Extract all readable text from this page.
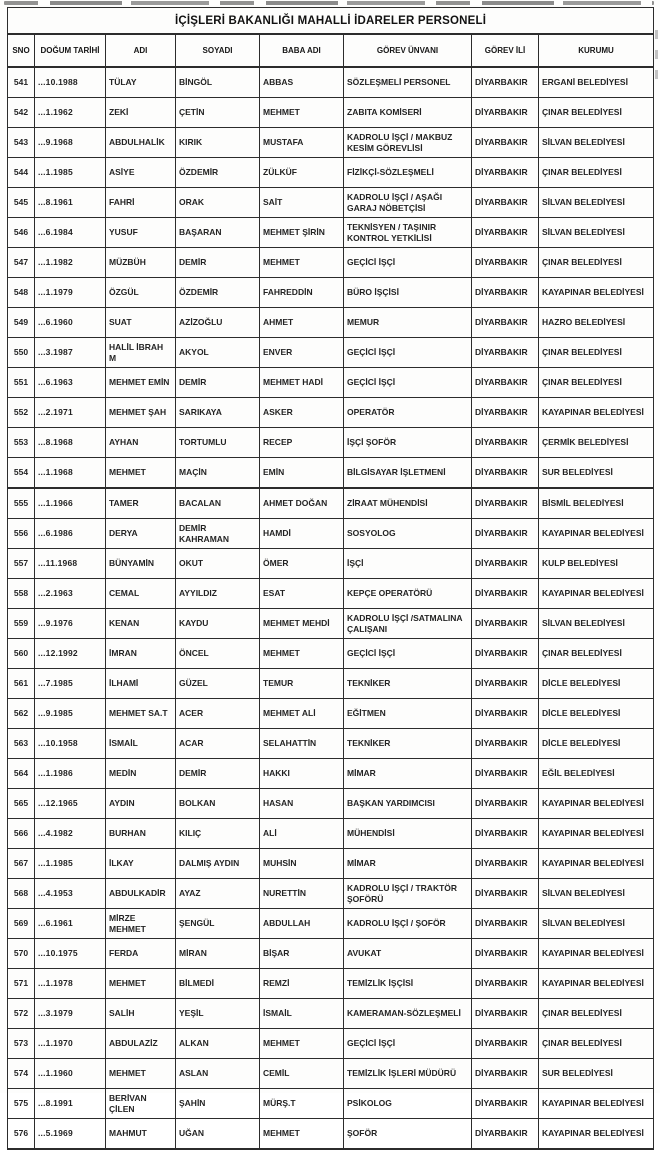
İÇİŞLERİ BAKANLIĞI MAHALLİ İDARELER PERSONELİ							
SNO	DOĞUM TARİHİ	ADI	SOYADI	BABA ADI	GÖREV ÜNVANI	GÖREV İLİ	KURUMU
541	...10.1988	TÜLAY	BİNGÖL	ABBAS	SÖZLEŞMELİ PERSONEL	DİYARBAKIR	ERGANİ BELEDİYESİ
542	...1.1962	ZEKİ	ÇETİN	MEHMET	ZABITA KOMİSERİ	DİYARBAKIR	ÇINAR BELEDİYESİ
543	...9.1968	ABDULHALİK	KIRIK	MUSTAFA	KADROLU İŞÇİ / MAKBUZ KESİM GÖREVLİSİ	DİYARBAKIR	SİLVAN BELEDİYESİ
544	...1.1985	ASİYE	ÖZDEMİR	ZÜLKÜF	FİZİKÇİ-SÖZLEŞMELİ	DİYARBAKIR	ÇINAR BELEDİYESİ
545	...8.1961	FAHRİ	ORAK	SAİT	KADROLU İŞÇİ / AŞAĞI GARAJ NÖBETÇİSİ	DİYARBAKIR	SİLVAN BELEDİYESİ
546	...6.1984	YUSUF	BAŞARAN	MEHMET ŞİRİN	TEKNİSYEN / TAŞINIR KONTROL YETKİLİSİ	DİYARBAKIR	SİLVAN BELEDİYESİ
547	...1.1982	MÜZBÜH	DEMİR	MEHMET	GEÇİCİ İŞÇİ	DİYARBAKIR	ÇINAR BELEDİYESİ
548	...1.1979	ÖZGÜL	ÖZDEMİR	FAHREDDİN	BÜRO İŞÇİSİ	DİYARBAKIR	KAYAPINAR BELEDİYESİ
549	...6.1960	SUAT	AZİZOĞLU	AHMET	MEMUR	DİYARBAKIR	HAZRO BELEDİYESİ
550	...3.1987	HALİL İBRAH M	AKYOL	ENVER	GEÇİCİ İŞÇİ	DİYARBAKIR	ÇINAR BELEDİYESİ
551	...6.1963	MEHMET EMİN	DEMİR	MEHMET HADİ	GEÇİCİ İŞÇİ	DİYARBAKIR	ÇINAR BELEDİYESİ
552	...2.1971	MEHMET ŞAH	SARIKAYA	ASKER	OPERATÖR	DİYARBAKIR	KAYAPINAR BELEDİYESİ
553	...8.1968	AYHAN	TORTUMLU	RECEP	İŞÇİ ŞOFÖR	DİYARBAKIR	ÇERMİK BELEDİYESİ
554	...1.1968	MEHMET	MAÇİN	EMİN	BİLGİSAYAR İŞLETMENİ	DİYARBAKIR	SUR BELEDİYESİ
555	...1.1966	TAMER	BACALAN	AHMET DOĞAN	ZİRAAT MÜHENDİSİ	DİYARBAKIR	BİSMİL BELEDİYESİ
556	...6.1986	DERYA	DEMİR KAHRAMAN	HAMDİ	SOSYOLOG	DİYARBAKIR	KAYAPINAR BELEDİYESİ
557	...11.1968	BÜNYAMİN	OKUT	ÖMER	İŞÇİ	DİYARBAKIR	KULP BELEDİYESİ
558	...2.1963	CEMAL	AYYILDIZ	ESAT	KEPÇE OPERATÖRÜ	DİYARBAKIR	KAYAPINAR BELEDİYESİ
559	...9.1976	KENAN	KAYDU	MEHMET MEHDİ	KADROLU İŞÇİ /SATMALINA ÇALIŞANI	DİYARBAKIR	SİLVAN BELEDİYESİ
560	...12.1992	İMRAN	ÖNCEL	MEHMET	GEÇİCİ İŞÇİ	DİYARBAKIR	ÇINAR BELEDİYESİ
561	...7.1985	İLHAMİ	GÜZEL	TEMUR	TEKNİKER	DİYARBAKIR	DİCLE BELEDİYESİ
562	...9.1985	MEHMET SA.T	ACER	MEHMET ALİ	EĞİTMEN	DİYARBAKIR	DİCLE BELEDİYESİ
563	...10.1958	İSMAİL	ACAR	SELAHATTİN	TEKNİKER	DİYARBAKIR	DİCLE BELEDİYESİ
564	...1.1986	MEDİN	DEMİR	HAKKI	MİMAR	DİYARBAKIR	EĞİL BELEDİYESİ
565	...12.1965	AYDIN	BOLKAN	HASAN	BAŞKAN YARDIMCISI	DİYARBAKIR	KAYAPINAR BELEDİYESİ
566	...4.1982	BURHAN	KILIÇ	ALİ	MÜHENDİSİ	DİYARBAKIR	KAYAPINAR BELEDİYESİ
567	...1.1985	İLKAY	DALMIŞ AYDIN	MUHSİN	MİMAR	DİYARBAKIR	KAYAPINAR BELEDİYESİ
568	...4.1953	ABDULKADİR	AYAZ	NURETTİN	KADROLU İŞÇİ / TRAKTÖR ŞOFÖRÜ	DİYARBAKIR	SİLVAN BELEDİYESİ
569	...6.1961	MİRZE MEHMET	ŞENGÜL	ABDULLAH	KADROLU İŞÇİ / ŞOFÖR	DİYARBAKIR	SİLVAN BELEDİYESİ
570	...10.1975	FERDA	MİRAN	BİŞAR	AVUKAT	DİYARBAKIR	KAYAPINAR BELEDİYESİ
571	...1.1978	MEHMET	BİLMEDİ	REMZİ	TEMİZLİK İŞÇİSİ	DİYARBAKIR	KAYAPINAR BELEDİYESİ
572	...3.1979	SALİH	YEŞİL	İSMAİL	KAMERAMAN-SÖZLEŞMELİ	DİYARBAKIR	ÇINAR BELEDİYESİ
573	...1.1970	ABDULAZİZ	ALKAN	MEHMET	GEÇİCİ İŞÇİ	DİYARBAKIR	ÇINAR BELEDİYESİ
574	...1.1960	MEHMET	ASLAN	CEMİL	TEMİZLİK İŞLERİ MÜDÜRÜ	DİYARBAKIR	SUR BELEDİYESİ
575	...8.1991	BERİVAN ÇİLEN	ŞAHİN	MÜRŞ.T	PSİKOLOG	DİYARBAKIR	KAYAPINAR BELEDİYESİ
576	...5.1969	MAHMUT	UĞAN	MEHMET	ŞOFÖR	DİYARBAKIR	KAYAPINAR BELEDİYESİ
